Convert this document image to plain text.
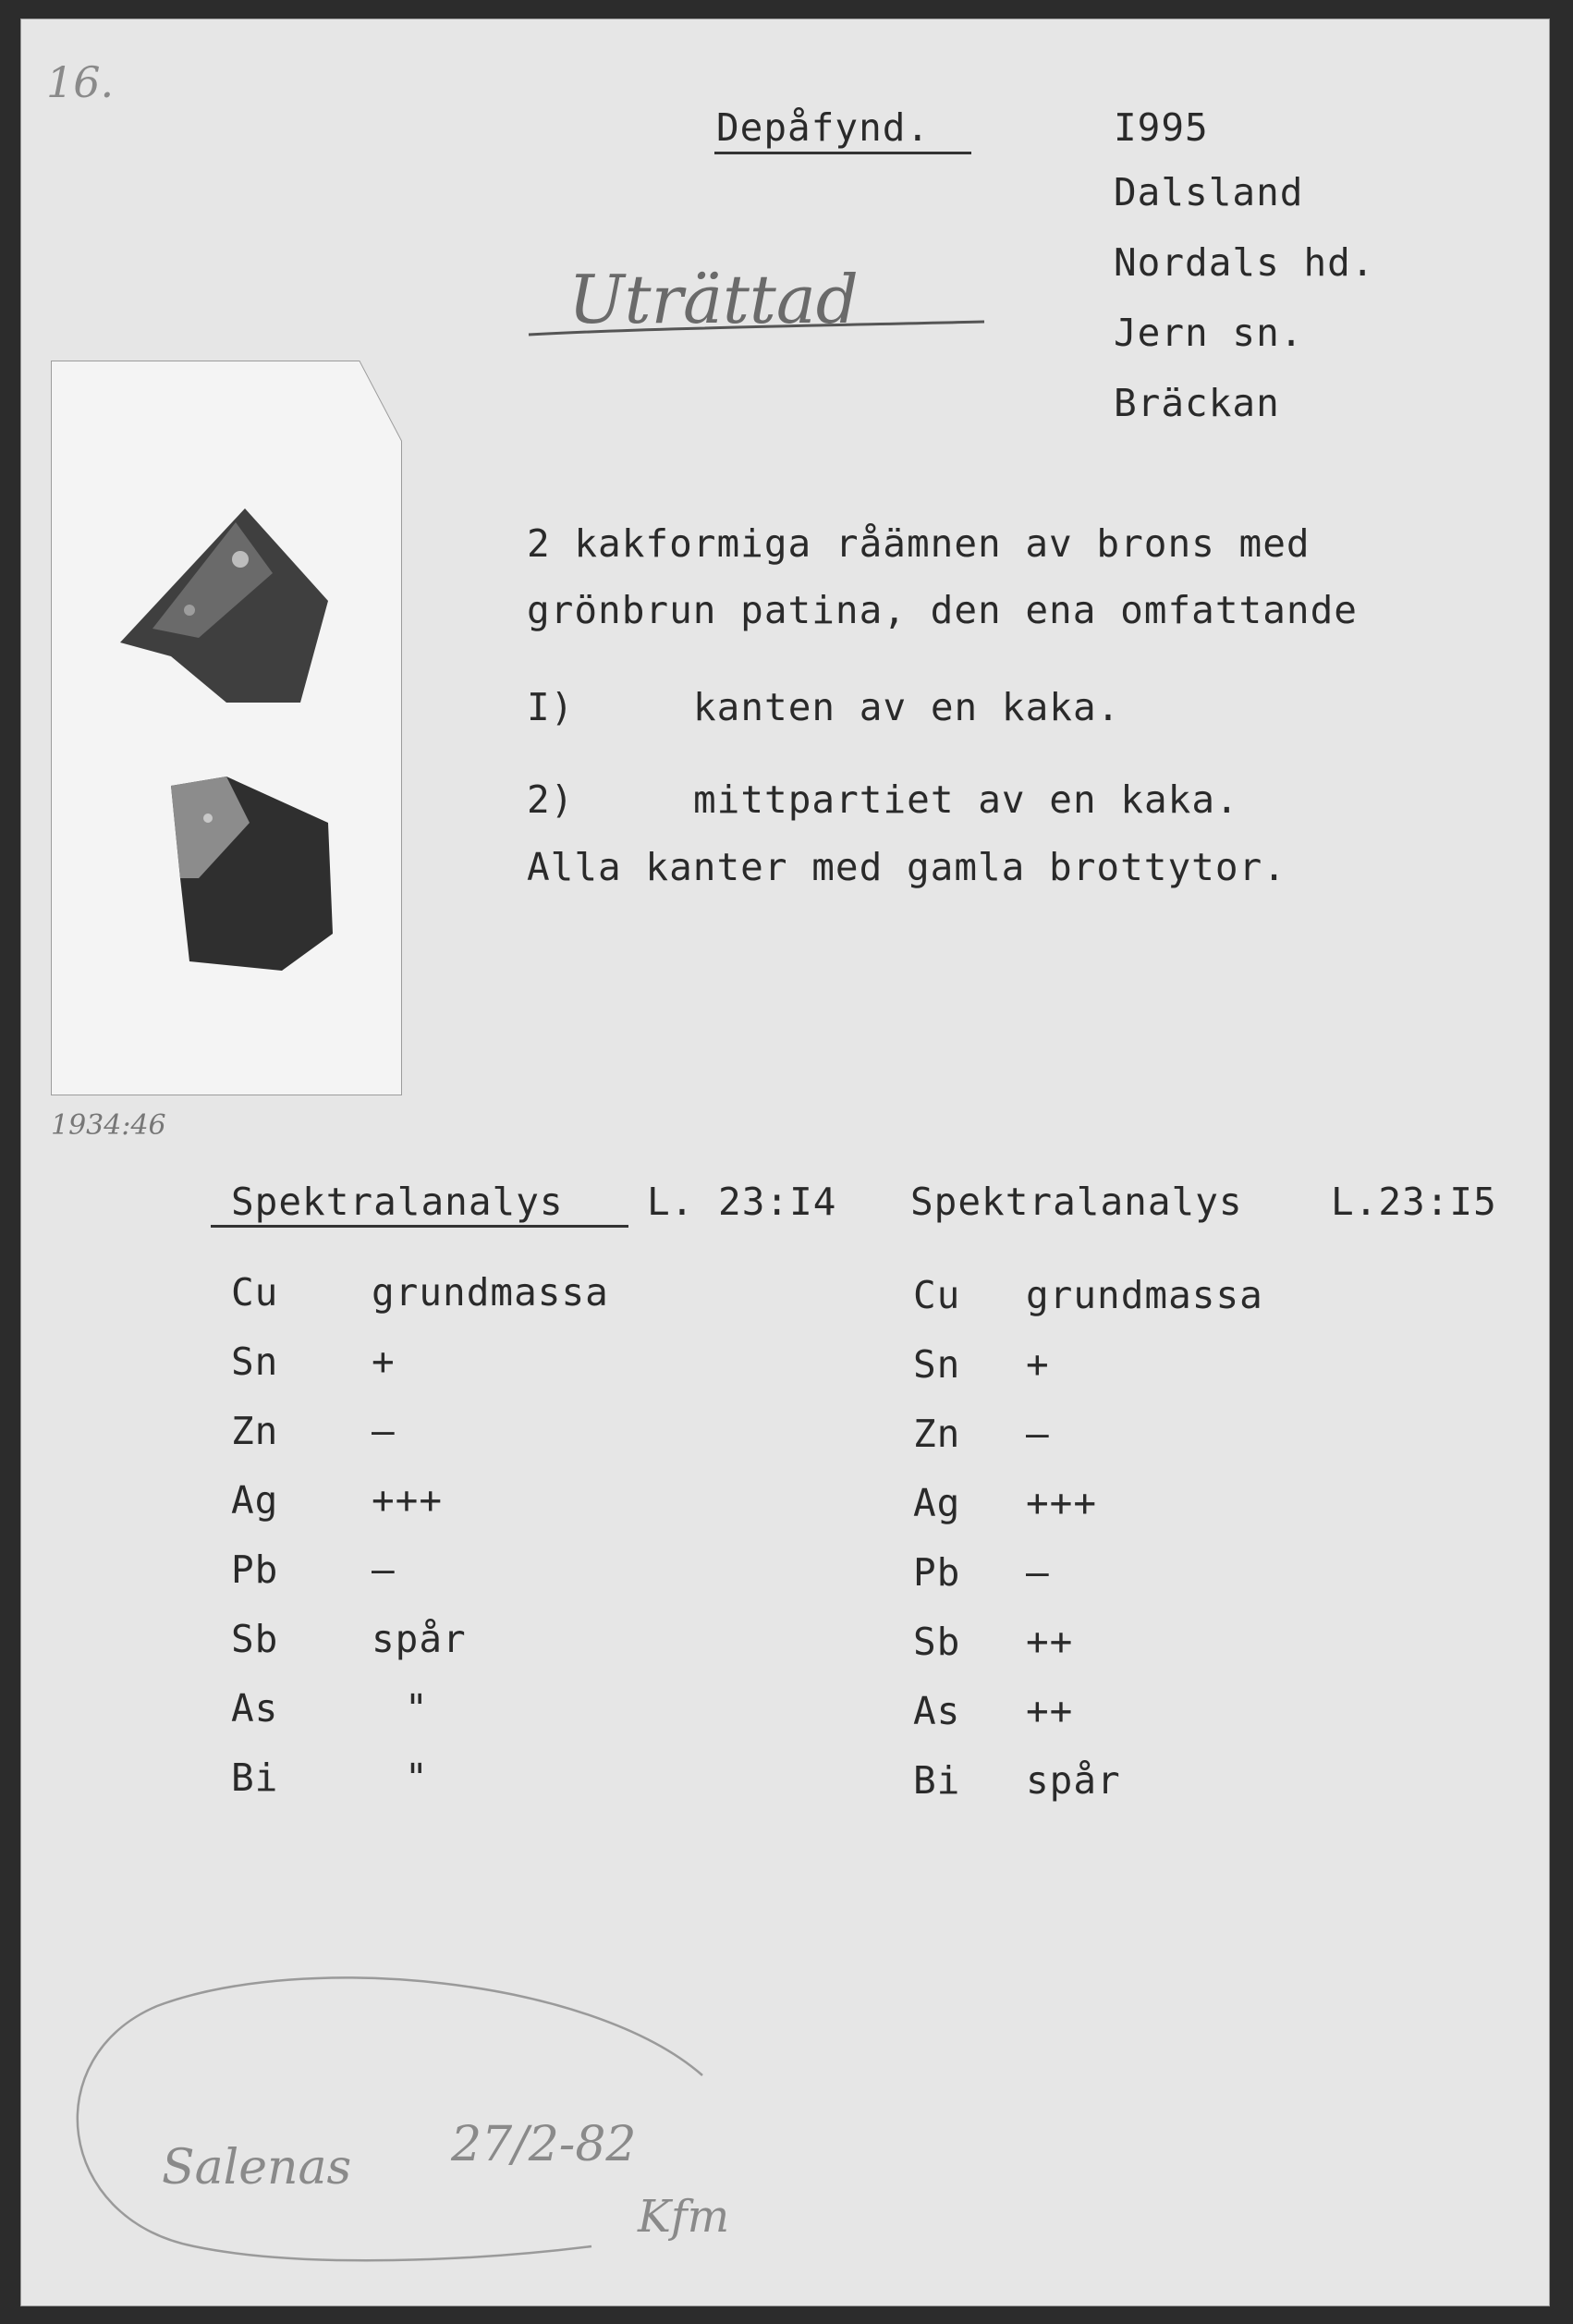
16.
Depåfynd.
Uträttad
I995
Dalsland
Nordals hd.
Jern sn.
Bräckan
1934:46
2 kakformiga råämnen av brons med
grönbrun patina, den ena omfattande
I)	kanten av en kaka.
2)	mittpartiet av en kaka.
Alla kanter med gamla brottytor.
Spektralanalys L. 23:I4 Spektralanalys L.23:I5
Cu grundmassa
Sn +
Zn —
Ag +++
Pb —
Sb spår
As	"
Bi	"
Cu grundmassa
Sn +
Zn —
Ag +++
Pb —
Sb ++
As ++
Bi spår
Salenas 27/2-82
Kfm
